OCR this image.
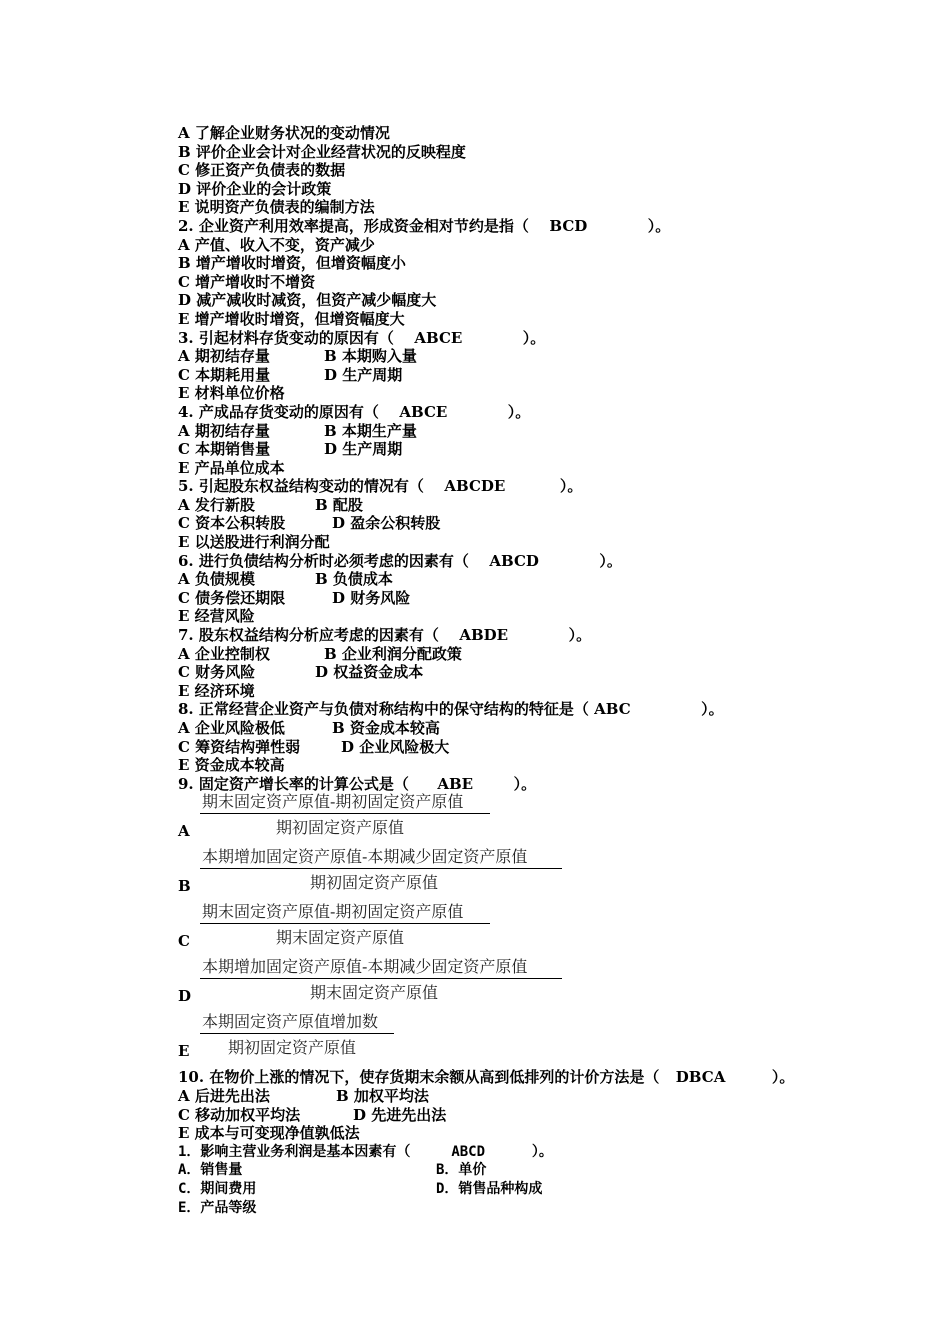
A 了解企业财务状况的变动情况
B 评价企业会计对企业经营状况的反映程度
C 修正资产负债表的数据
D 评价企业的会计政策
E 说明资产负债表的编制方法
2. 企业资产利用效率提高，形成资金相对节约是指（ BCD	）。
A 产值、收入不变，资产减少
B 增产增收时增资，但增资幅度小
C 增产增收时不增资
D 减产减收时减资，但资产减少幅度大
E 增产增收时增资，但增资幅度大
3. 引起材料存货变动的原因有（ ABCE	）。
A 期初结存量	B 本期购入量
C 本期耗用量	D 生产周期
E 材料单位价格
4. 产成品存货变动的原因有（ ABCE	）。
A 期初结存量	B 本期生产量
C 本期销售量	D 生产周期
E 产品单位成本
5. 引起股东权益结构变动的情况有（ ABCDE	）。
A 发行新股	B 配股
C 资本公积转股	D 盈余公积转股
E 以送股进行利润分配
6. 进行负债结构分析时必须考虑的因素有（ ABCD	）。
A 负债规模	B 负债成本
C 债务偿还期限	D 财务风险
E 经营风险
7. 股东权益结构分析应考虑的因素有（ ABDE	）。
A 企业控制权	B 企业利润分配政策
C 财务风险	D 权益资金成本
E 经济环境
8. 正常经营企业资产与负债对称结构中的保守结构的特征是（ ABC	）。
A 企业风险极低	B 资金成本较高
C 筹资结构弹性弱	D 企业风险极大
E 资金成本较高
9. 固定资产增长率的计算公式是（ ABE	）。
A
期末固定资产原值-期初固定资产原值
期初固定资产原值
B
本期增加固定资产原值-本期减少固定资产原值
期初固定资产原值
C
期末固定资产原值-期初固定资产原值
期末固定资产原值
D
本期增加固定资产原值-本期减少固定资产原值
期末固定资产原值
E
本期固定资产原值增加数
期初固定资产原值
10. 在物价上涨的情况下，使存货期末余额从高到低排列的计价方法是（ DBCA	）。
A 后进先出法	B 加权平均法
C 移动加权平均法	D 先进先出法
E 成本与可变现净值孰低法
1．影响主营业务利润是基本因素有（	ABCD	）。
A．销售量	B．单价
C．期间费用	D．销售品种构成
E．产品等级
